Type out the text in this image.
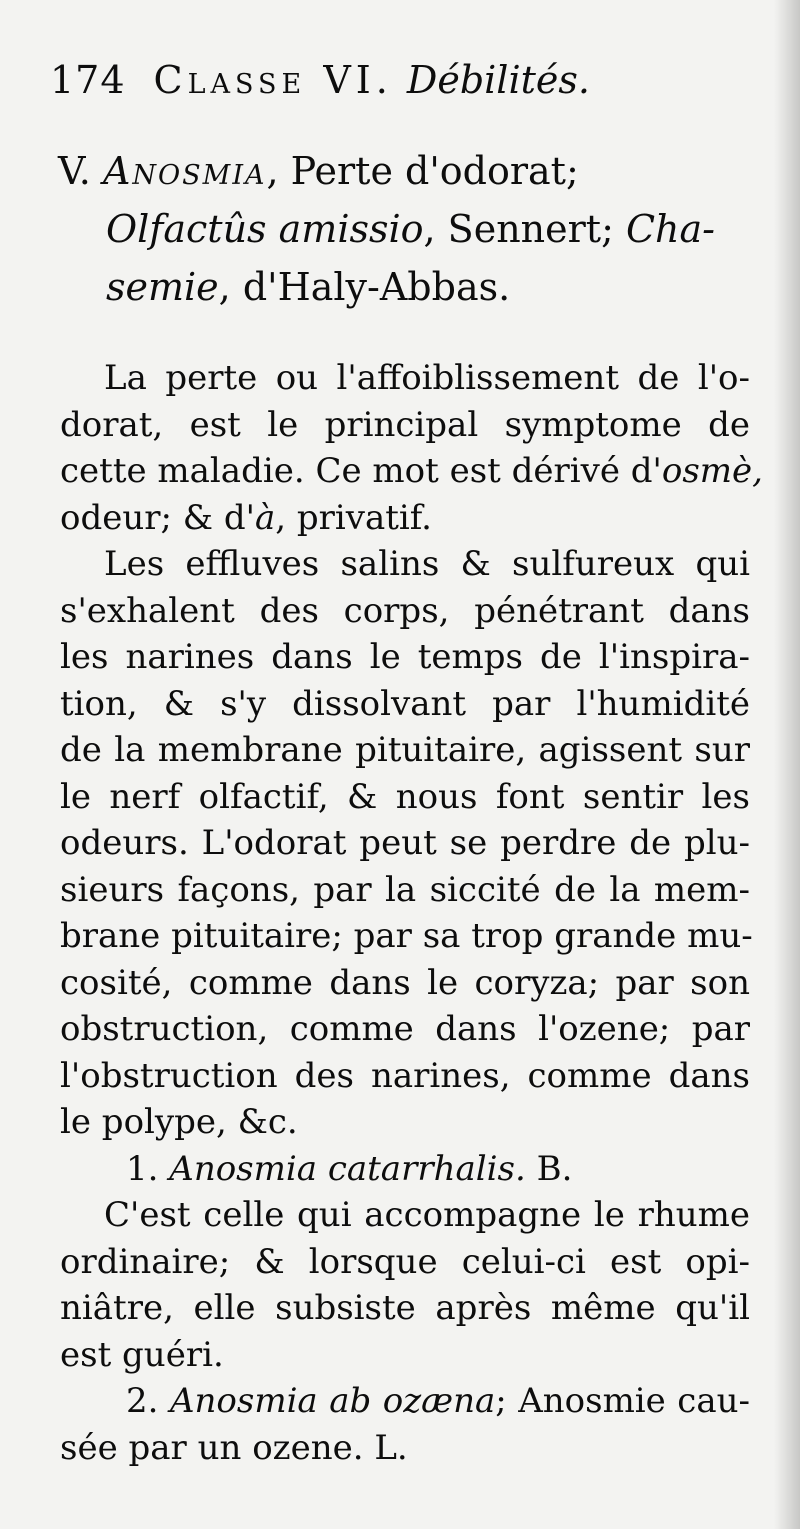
174 Classe VI. Débilités.
V. Anosmia, Perte d'odorat;
Olfactûs amissio, Sennert; Cha-
semie, d'Haly-Abbas.
La perte ou l'affoiblissement de l'o-
dorat, est le principal symptome de
cette maladie. Ce mot est dérivé d'osmè,
odeur; & d'à, privatif.
Les effluves salins & sulfureux qui
s'exhalent des corps, pénétrant dans
les narines dans le temps de l'inspira-
tion, & s'y dissolvant par l'humidité
de la membrane pituitaire, agissent sur
le nerf olfactif, & nous font sentir les
odeurs. L'odorat peut se perdre de plu-
sieurs façons, par la siccité de la mem-
brane pituitaire; par sa trop grande mu-
cosité, comme dans le coryza; par son
obstruction, comme dans l'ozene; par
l'obstruction des narines, comme dans
le polype, &c.
1. Anosmia catarrhalis. B.
C'est celle qui accompagne le rhume
ordinaire; & lorsque celui-ci est opi-
niâtre, elle subsiste après même qu'il
est guéri.
2. Anosmia ab ozæna; Anosmie cau-
sée par un ozene. L.
